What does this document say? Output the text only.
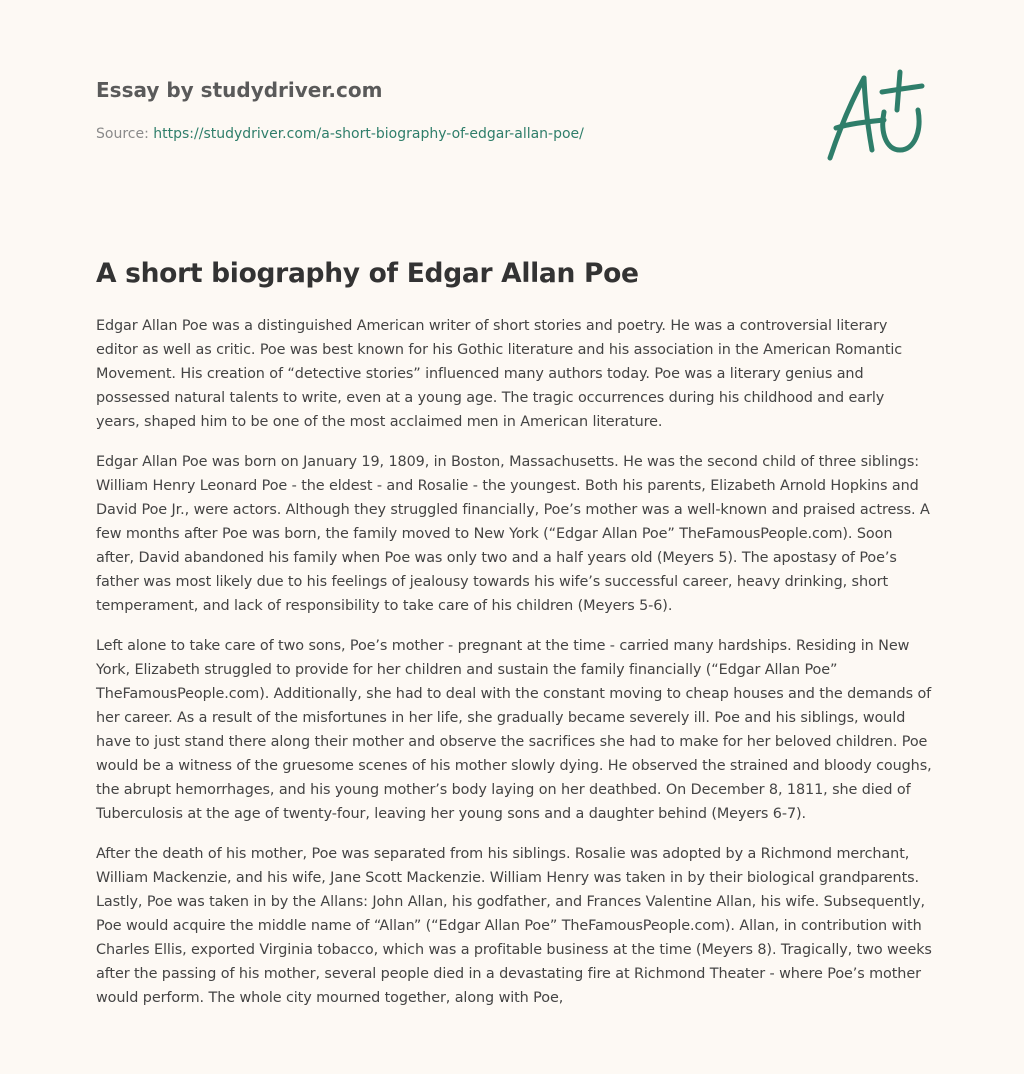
Essay by studydriver.com
Source: https://studydriver.com/a-short-biography-of-edgar-allan-poe/
A short biography of Edgar Allan Poe

Edgar Allan Poe was a distinguished American writer of short stories and poetry. He was a controversial literary editor as well as critic. Poe was best known for his Gothic literature and his association in the American Romantic Movement. His creation of “detective stories” influenced many authors today. Poe was a literary genius and possessed natural talents to write, even at a young age. The tragic occurrences during his childhood and early years, shaped him to be one of the most acclaimed men in American literature.

Edgar Allan Poe was born on January 19, 1809, in Boston, Massachusetts. He was the second child of three siblings: William Henry Leonard Poe - the eldest - and Rosalie - the youngest. Both his parents, Elizabeth Arnold Hopkins and David Poe Jr., were actors. Although they struggled financially, Poe’s mother was a well-known and praised actress. A few months after Poe was born, the family moved to New York (“Edgar Allan Poe” TheFamousPeople.com). Soon after, David abandoned his family when Poe was only two and a half years old (Meyers 5). The apostasy of Poe’s father was most likely due to his feelings of jealousy towards his wife’s successful career, heavy drinking, short temperament, and lack of responsibility to take care of his children (Meyers 5-6).

Left alone to take care of two sons, Poe’s mother - pregnant at the time - carried many hardships. Residing in New York, Elizabeth struggled to provide for her children and sustain the family financially (“Edgar Allan Poe” TheFamousPeople.com). Additionally, she had to deal with the constant moving to cheap houses and the demands of her career. As a result of the misfortunes in her life, she gradually became severely ill. Poe and his siblings, would have to just stand there along their mother and observe the sacrifices she had to make for her beloved children. Poe would be a witness of the gruesome scenes of his mother slowly dying. He observed the strained and bloody coughs, the abrupt hemorrhages, and his young mother’s body laying on her deathbed. On December 8, 1811, she died of Tuberculosis at the age of twenty-four, leaving her young sons and a daughter behind (Meyers 6-7).

After the death of his mother, Poe was separated from his siblings. Rosalie was adopted by a Richmond merchant, William Mackenzie, and his wife, Jane Scott Mackenzie. William Henry was taken in by their biological grandparents. Lastly, Poe was taken in by the Allans: John Allan, his godfather, and Frances Valentine Allan, his wife. Subsequently, Poe would acquire the middle name of “Allan” (“Edgar Allan Poe” TheFamousPeople.com). Allan, in contribution with Charles Ellis, exported Virginia tobacco, which was a profitable business at the time (Meyers 8). Tragically, two weeks after the passing of his mother, several people died in a devastating fire at Richmond Theater - where Poe’s mother would perform. The whole city mourned together, along with Poe,
